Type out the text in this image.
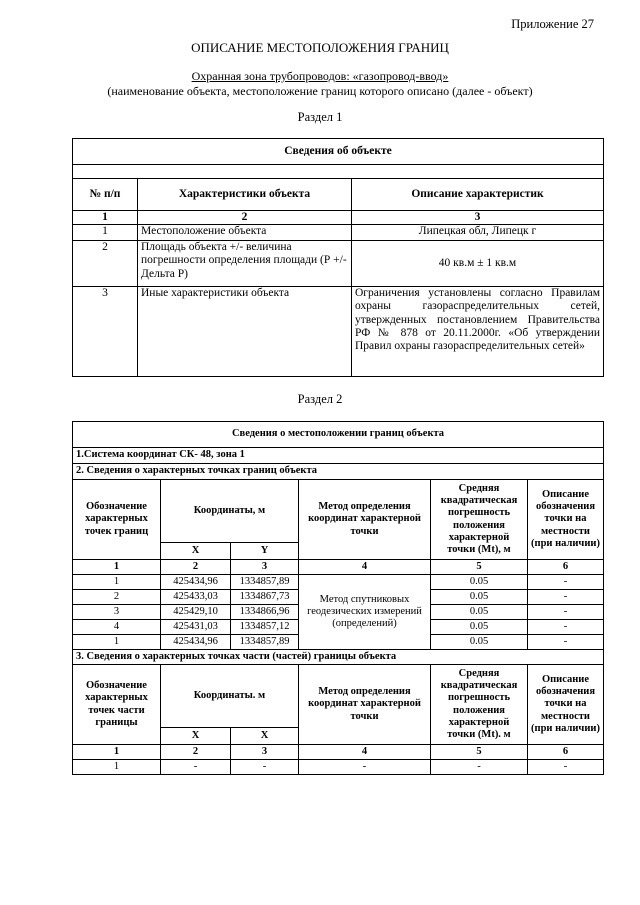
Приложение 27
ОПИСАНИЕ МЕСТОПОЛОЖЕНИЯ ГРАНИЦ
Охранная зона трубопроводов: «газопровод-ввод»
(наименование объекта, местоположение границ которого описано (далее - объект)
Раздел 1
Сведения об объекте		

№ п/п	Характеристики объекта	Описание характеристик
1	2	3
1	Местоположение объекта	Липецкая обл, Липецк г
2	Площадь объекта +/- величина погрешности определения площади (Р +/- Дельта Р)	40 кв.м ± 1 кв.м
3	Иные характеристики объекта	Ограничения установлены согласно Правилам охраны газораспределительных сетей, утвержденных постановлением Правительства РФ № 878 от 20.11.2000г. «Об утверждении Правил охраны газораспределительных сетей»
Раздел 2
Сведения о местоположении границ объекта					
1.Система координат СК- 48, зона 1					
2. Сведения о характерных точках границ объекта					
Обозначение характерных точек границ	Координаты, м		Метод определения координат характерной точки	Средняя квадратическая погрешность положения характерной точки (Mt), м	Описание обозначения точки на местности (при наличии)
	X	Y			
1	2	3	4	5	6
1	425434,96	1334857,89	Метод спутниковых геодезических измерений (определений)	0.05	-
2	425433,03	1334867,73		0.05	-
3	425429,10	1334866,96		0.05	-
4	425431,03	1334857,12		0.05	-
1	425434,96	1334857,89		0.05	-
3. Сведения о характерных точках части (частей) границы объекта					
Обозначение характерных точек части границы	Координаты. м		Метод определения координат характерной точки	Средняя квадратическая погрешность положения характерной точки (Mt). м	Описание обозначения точки на местности (при наличии)
	X	X			
1	2	3	4	5	6
1	-	-	-	-	-
